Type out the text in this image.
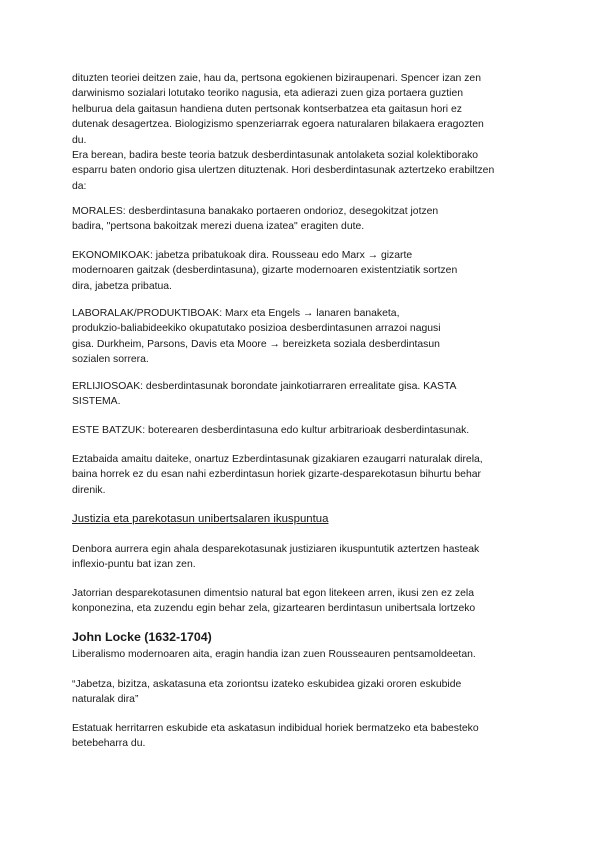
dituzten teoriei deitzen zaie, hau da, pertsona egokienen biziraupenari. Spencer izan zen
darwinismo sozialari lotutako teoriko nagusia, eta adierazi zuen giza portaera guztien
helburua dela gaitasun handiena duten pertsonak kontserbatzea eta gaitasun hori ez
dutenak desagertzea. Biologizismo spenzeriarrak egoera naturalaren bilakaera eragozten
du.
Era berean, badira beste teoria batzuk desberdintasunak antolaketa sozial kolektiborako
esparru baten ondorio gisa ulertzen dituztenak. Hori desberdintasunak aztertzeko erabiltzen
da:
MORALES: desberdintasuna banakako portaeren ondorioz, desegokitzat jotzen
badira, "pertsona bakoitzak merezi duena izatea" eragiten dute.
EKONOMIKOAK: jabetza pribatukoak dira. Rousseau edo Marx → gizarte
modernoaren gaitzak (desberdintasuna), gizarte modernoaren existentziatik sortzen
dira, jabetza pribatua.
LABORALAK/PRODUKTIBOAK: Marx eta Engels → lanaren banaketa,
produkzio-baliabideekiko okupatutako posizioa desberdintasunen arrazoi nagusi
gisa. Durkheim, Parsons, Davis eta Moore → bereizketa soziala desberdintasun
sozialen sorrera.
ERLIJIOSOAK: desberdintasunak borondate jainkotiarraren errealitate gisa. KASTA
SISTEMA.
ESTE BATZUK: boterearen desberdintasuna edo kultur arbitrarioak desberdintasunak.
Eztabaida amaitu daiteke, onartuz Ezberdintasunak gizakiaren ezaugarri naturalak direla,
baina horrek ez du esan nahi ezberdintasun horiek gizarte-desparekotasun bihurtu behar
direnik.
Justizia eta parekotasun unibertsalaren ikuspuntua
Denbora aurrera egin ahala desparekotasunak justiziaren ikuspuntutik aztertzen hasteak
inflexio-puntu bat izan zen.
Jatorrian desparekotasunen dimentsio natural bat egon litekeen arren, ikusi zen ez zela
konponezina, eta zuzendu egin behar zela, gizartearen berdintasun unibertsala lortzeko
John Locke (1632-1704)
Liberalismo modernoaren aita, eragin handia izan zuen Rousseauren pentsamoldeetan.
“Jabetza, bizitza, askatasuna eta zoriontsu izateko eskubidea gizaki ororen eskubide
naturalak dira”
Estatuak herritarren eskubide eta askatasun indibidual horiek bermatzeko eta babesteko
betebeharra du.
